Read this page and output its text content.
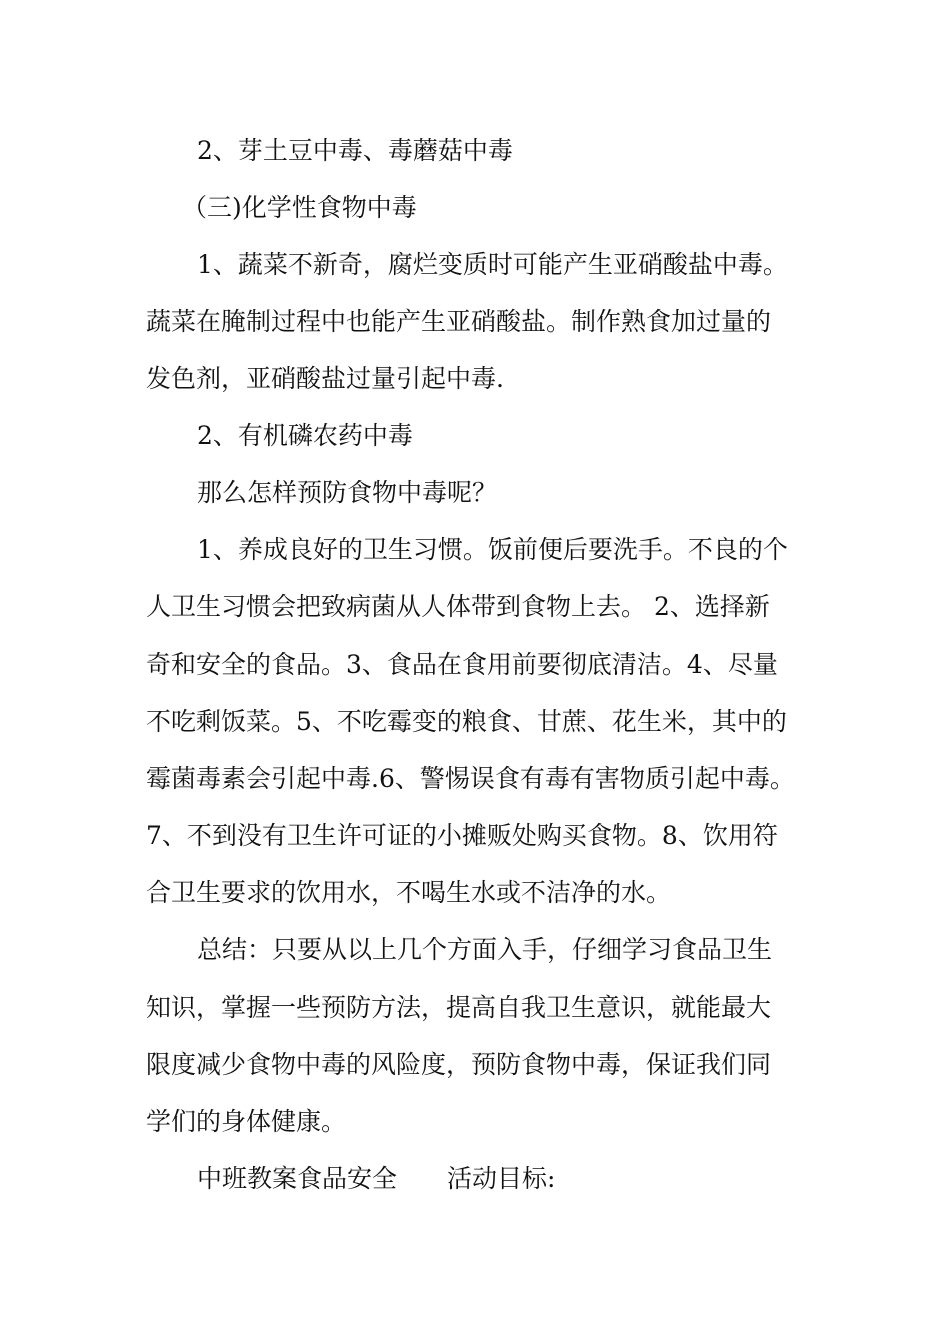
2、芽土豆中毒、毒蘑菇中毒

（三)化学性食物中毒

1、蔬菜不新奇，腐烂变质时可能产生亚硝酸盐中毒。

蔬菜在腌制过程中也能产生亚硝酸盐。制作熟食加过量的

发色剂，亚硝酸盐过量引起中毒.

2、有机磷农药中毒

那么怎样预防食物中毒呢？

1、养成良好的卫生习惯。饭前便后要洗手。不良的个

人卫生习惯会把致病菌从人体带到食物上去。 2、选择新

奇和安全的食品。3、食品在食用前要彻底清洁。4、尽量

不吃剩饭菜。5、不吃霉变的粮食、甘蔗、花生米，其中的

霉菌毒素会引起中毒.6、警惕误食有毒有害物质引起中毒。

7、不到没有卫生许可证的小摊贩处购买食物。8、饮用符

合卫生要求的饮用水，不喝生水或不洁净的水。

总结：只要从以上几个方面入手，仔细学习食品卫生

知识，掌握一些预防方法，提高自我卫生意识，就能最大

限度减少食物中毒的风险度，预防食物中毒，保证我们同

学们的身体健康。

中班教案食品安全　　活动目标:
